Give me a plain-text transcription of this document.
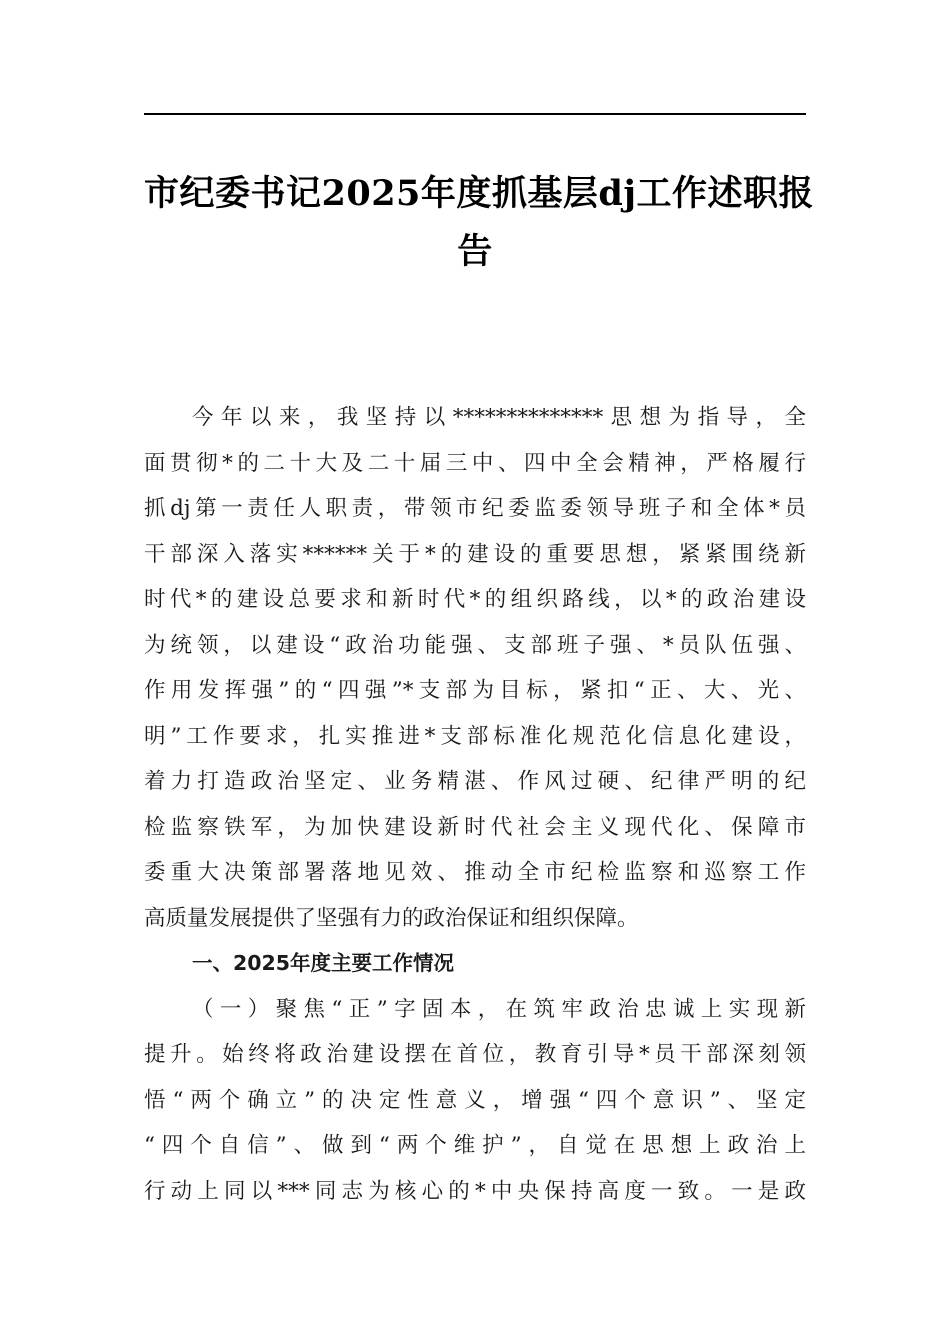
市纪委书记2025年度抓基层dj工作述职报
告
今年以来，我坚持以**************思想为指导，全
面贯彻*的二十大及二十届三中、四中全会精神，严格履行
抓dj第一责任人职责，带领市纪委监委领导班子和全体*员
干部深入落实******关于*的建设的重要思想，紧紧围绕新
时代*的建设总要求和新时代*的组织路线，以*的政治建设
为统领，以建设“政治功能强、支部班子强、*员队伍强、
作用发挥强”的“四强”*支部为目标，紧扣“正、大、光、
明”工作要求，扎实推进*支部标准化规范化信息化建设，
着力打造政治坚定、业务精湛、作风过硬、纪律严明的纪
检监察铁军，为加快建设新时代社会主义现代化、保障市
委重大决策部署落地见效、推动全市纪检监察和巡察工作
高质量发展提供了坚强有力的政治保证和组织保障。
一、2025年度主要工作情况
（一）聚焦“正”字固本，在筑牢政治忠诚上实现新
提升。始终将政治建设摆在首位，教育引导*员干部深刻领
悟“两个确立”的决定性意义，增强“四个意识”、坚定
“四个自信”、做到“两个维护”，自觉在思想上政治上
行动上同以***同志为核心的*中央保持高度一致。一是政
